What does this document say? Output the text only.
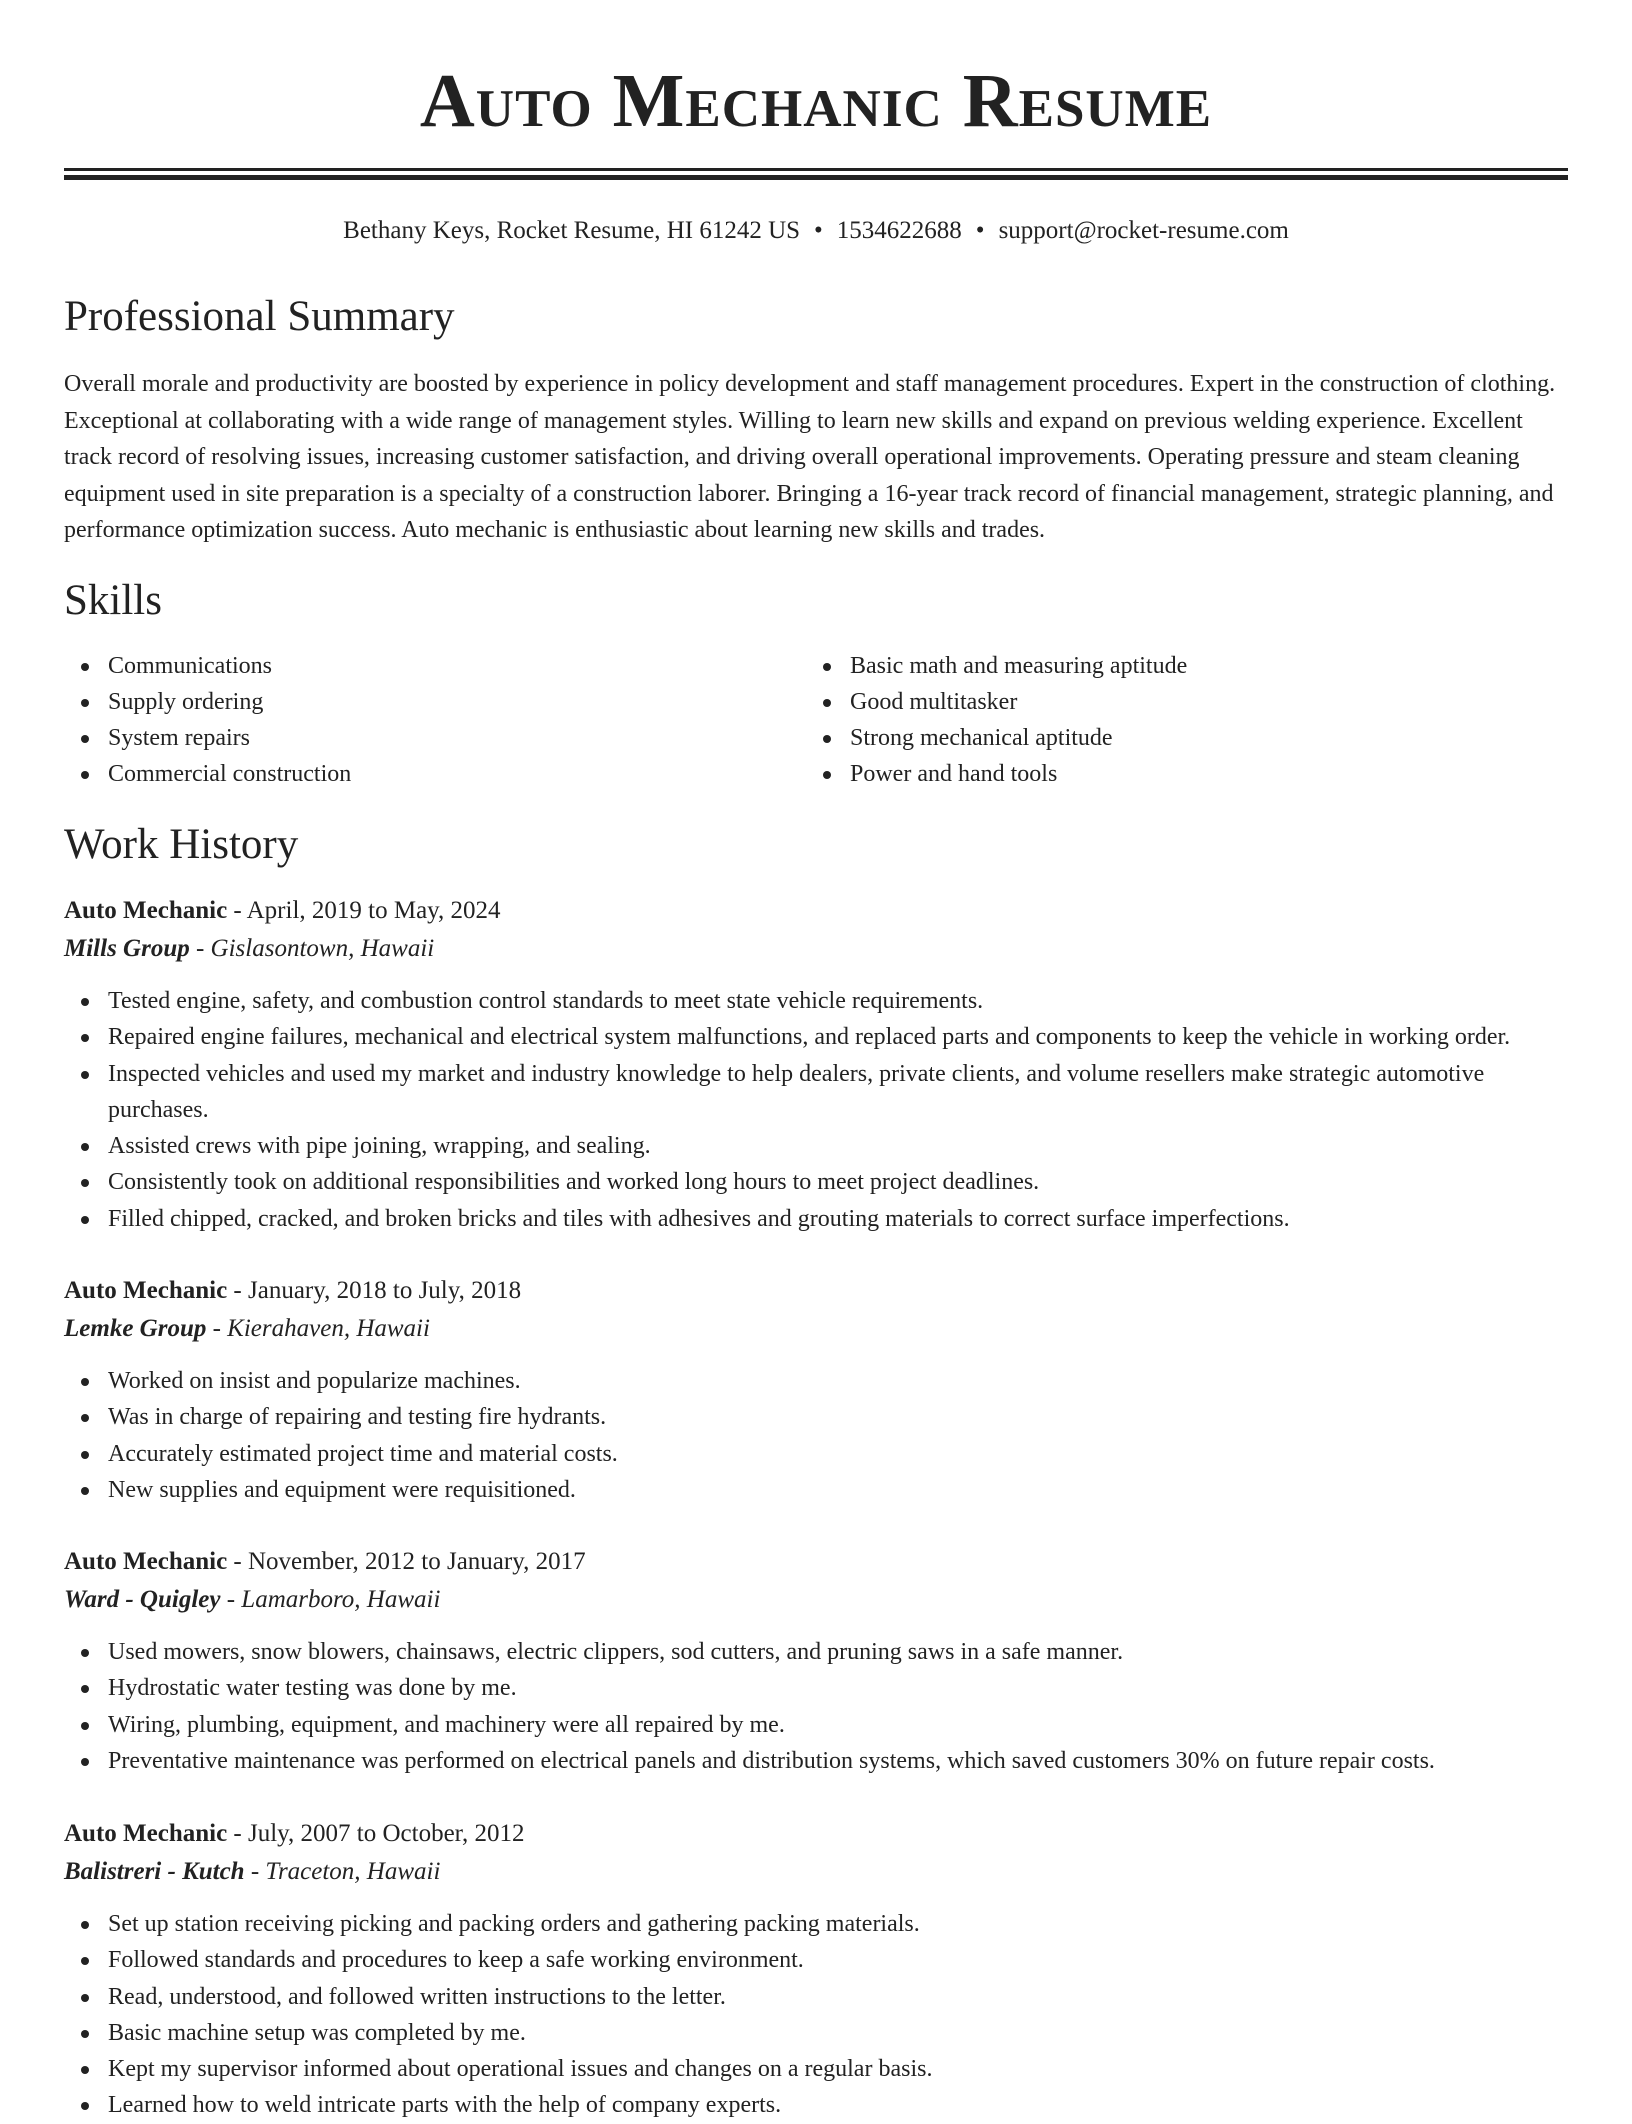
Auto Mechanic Resume
Bethany Keys, Rocket Resume, HI 61242 US • 1534622688 • support@rocket-resume.com
Professional Summary

Overall morale and productivity are boosted by experience in policy development and staff management procedures. Expert in the construction of clothing. Exceptional at collaborating with a wide range of management styles. Willing to learn new skills and expand on previous welding experience. Excellent track record of resolving issues, increasing customer satisfaction, and driving overall operational improvements. Operating pressure and steam cleaning equipment used in site preparation is a specialty of a construction laborer. Bringing a 16-year track record of financial management, strategic planning, and performance optimization success. Auto mechanic is enthusiastic about learning new skills and trades.

Skills
Communications
Supply ordering
System repairs
Commercial construction
Basic math and measuring aptitude
Good multitasker
Strong mechanical aptitude
Power and hand tools
Work History
Auto Mechanic - April, 2019 to May, 2024
Mills Group - Gislasontown, Hawaii
Tested engine, safety, and combustion control standards to meet state vehicle requirements.
Repaired engine failures, mechanical and electrical system malfunctions, and replaced parts and components to keep the vehicle in working order.
Inspected vehicles and used my market and industry knowledge to help dealers, private clients, and volume resellers make strategic automotive purchases.
Assisted crews with pipe joining, wrapping, and sealing.
Consistently took on additional responsibilities and worked long hours to meet project deadlines.
Filled chipped, cracked, and broken bricks and tiles with adhesives and grouting materials to correct surface imperfections.
Auto Mechanic - January, 2018 to July, 2018
Lemke Group - Kierahaven, Hawaii
Worked on insist and popularize machines.
Was in charge of repairing and testing fire hydrants.
Accurately estimated project time and material costs.
New supplies and equipment were requisitioned.
Auto Mechanic - November, 2012 to January, 2017
Ward - Quigley - Lamarboro, Hawaii
Used mowers, snow blowers, chainsaws, electric clippers, sod cutters, and pruning saws in a safe manner.
Hydrostatic water testing was done by me.
Wiring, plumbing, equipment, and machinery were all repaired by me.
Preventative maintenance was performed on electrical panels and distribution systems, which saved customers 30% on future repair costs.
Auto Mechanic - July, 2007 to October, 2012
Balistreri - Kutch - Traceton, Hawaii
Set up station receiving picking and packing orders and gathering packing materials.
Followed standards and procedures to keep a safe working environment.
Read, understood, and followed written instructions to the letter.
Basic machine setup was completed by me.
Kept my supervisor informed about operational issues and changes on a regular basis.
Learned how to weld intricate parts with the help of company experts.
